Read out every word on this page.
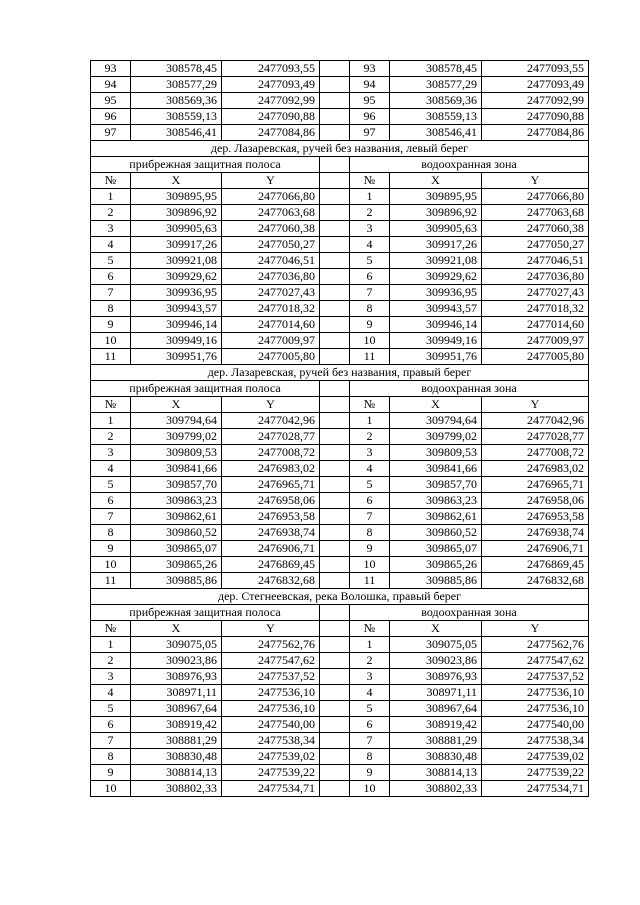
93	308578,45	2477093,55		93	308578,45	2477093,55
94	308577,29	2477093,49		94	308577,29	2477093,49
95	308569,36	2477092,99		95	308569,36	2477092,99
96	308559,13	2477090,88		96	308559,13	2477090,88
97	308546,41	2477084,86		97	308546,41	2477084,86
дер. Лазаревская, ручей без названия, левый берег						
прибрежная защитная полоса				водоохранная зона		
№	X	Y		№	X	Y
1	309895,95	2477066,80		1	309895,95	2477066,80
2	309896,92	2477063,68		2	309896,92	2477063,68
3	309905,63	2477060,38		3	309905,63	2477060,38
4	309917,26	2477050,27		4	309917,26	2477050,27
5	309921,08	2477046,51		5	309921,08	2477046,51
6	309929,62	2477036,80		6	309929,62	2477036,80
7	309936,95	2477027,43		7	309936,95	2477027,43
8	309943,57	2477018,32		8	309943,57	2477018,32
9	309946,14	2477014,60		9	309946,14	2477014,60
10	309949,16	2477009,97		10	309949,16	2477009,97
11	309951,76	2477005,80		11	309951,76	2477005,80
дер. Лазаревская, ручей без названия, правый берег						
прибрежная защитная полоса				водоохранная зона		
№	X	Y		№	X	Y
1	309794,64	2477042,96		1	309794,64	2477042,96
2	309799,02	2477028,77		2	309799,02	2477028,77
3	309809,53	2477008,72		3	309809,53	2477008,72
4	309841,66	2476983,02		4	309841,66	2476983,02
5	309857,70	2476965,71		5	309857,70	2476965,71
6	309863,23	2476958,06		6	309863,23	2476958,06
7	309862,61	2476953,58		7	309862,61	2476953,58
8	309860,52	2476938,74		8	309860,52	2476938,74
9	309865,07	2476906,71		9	309865,07	2476906,71
10	309865,26	2476869,45		10	309865,26	2476869,45
11	309885,86	2476832,68		11	309885,86	2476832,68
дер. Стегнеевская, река Волошка, правый берег						
прибрежная защитная полоса				водоохранная зона		
№	X	Y		№	X	Y
1	309075,05	2477562,76		1	309075,05	2477562,76
2	309023,86	2477547,62		2	309023,86	2477547,62
3	308976,93	2477537,52		3	308976,93	2477537,52
4	308971,11	2477536,10		4	308971,11	2477536,10
5	308967,64	2477536,10		5	308967,64	2477536,10
6	308919,42	2477540,00		6	308919,42	2477540,00
7	308881,29	2477538,34		7	308881,29	2477538,34
8	308830,48	2477539,02		8	308830,48	2477539,02
9	308814,13	2477539,22		9	308814,13	2477539,22
10	308802,33	2477534,71		10	308802,33	2477534,71
